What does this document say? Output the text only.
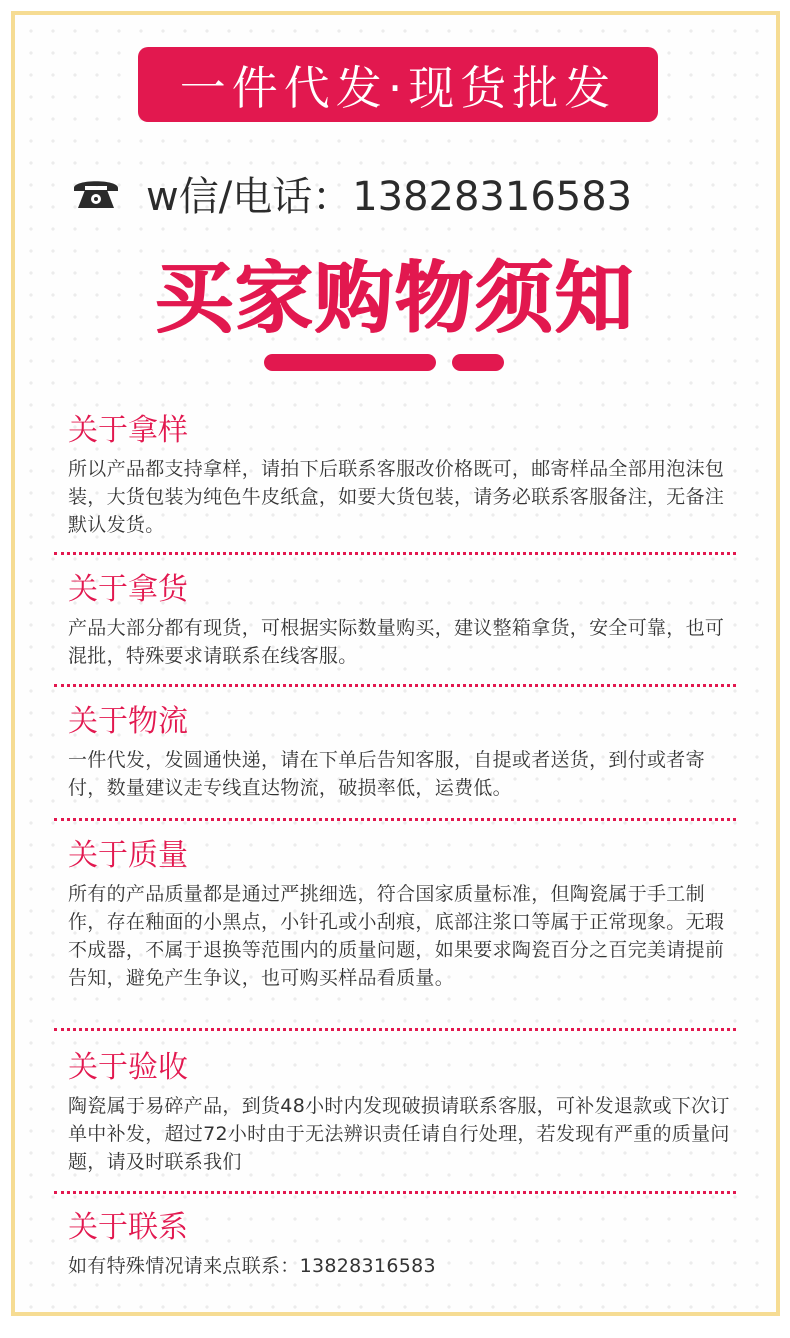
一件代发·现货批发
w信/电话：13828316583
买家购物须知
关于拿样
所以产品都支持拿样，请拍下后联系客服改价格既可，邮寄样品全部用泡沫包装，大货包装为纯色牛皮纸盒，如要大货包装，请务必联系客服备注，无备注默认发货。
关于拿货
产品大部分都有现货，可根据实际数量购买，建议整箱拿货，安全可靠，也可混批，特殊要求请联系在线客服。
关于物流
一件代发，发圆通快递，请在下单后告知客服，自提或者送货，到付或者寄付，数量建议走专线直达物流，破损率低，运费低。
关于质量
所有的产品质量都是通过严挑细选，符合国家质量标准，但陶瓷属于手工制作，存在釉面的小黑点，小针孔或小刮痕，底部注浆口等属于正常现象。无瑕不成器，不属于退换等范围内的质量问题，如果要求陶瓷百分之百完美请提前告知，避免产生争议，也可购买样品看质量。
关于验收
陶瓷属于易碎产品，到货48小时内发现破损请联系客服，可补发退款或下次订单中补发，超过72小时由于无法辨识责任请自行处理，若发现有严重的质量问题，请及时联系我们
关于联系
如有特殊情况请来点联系：13828316583
